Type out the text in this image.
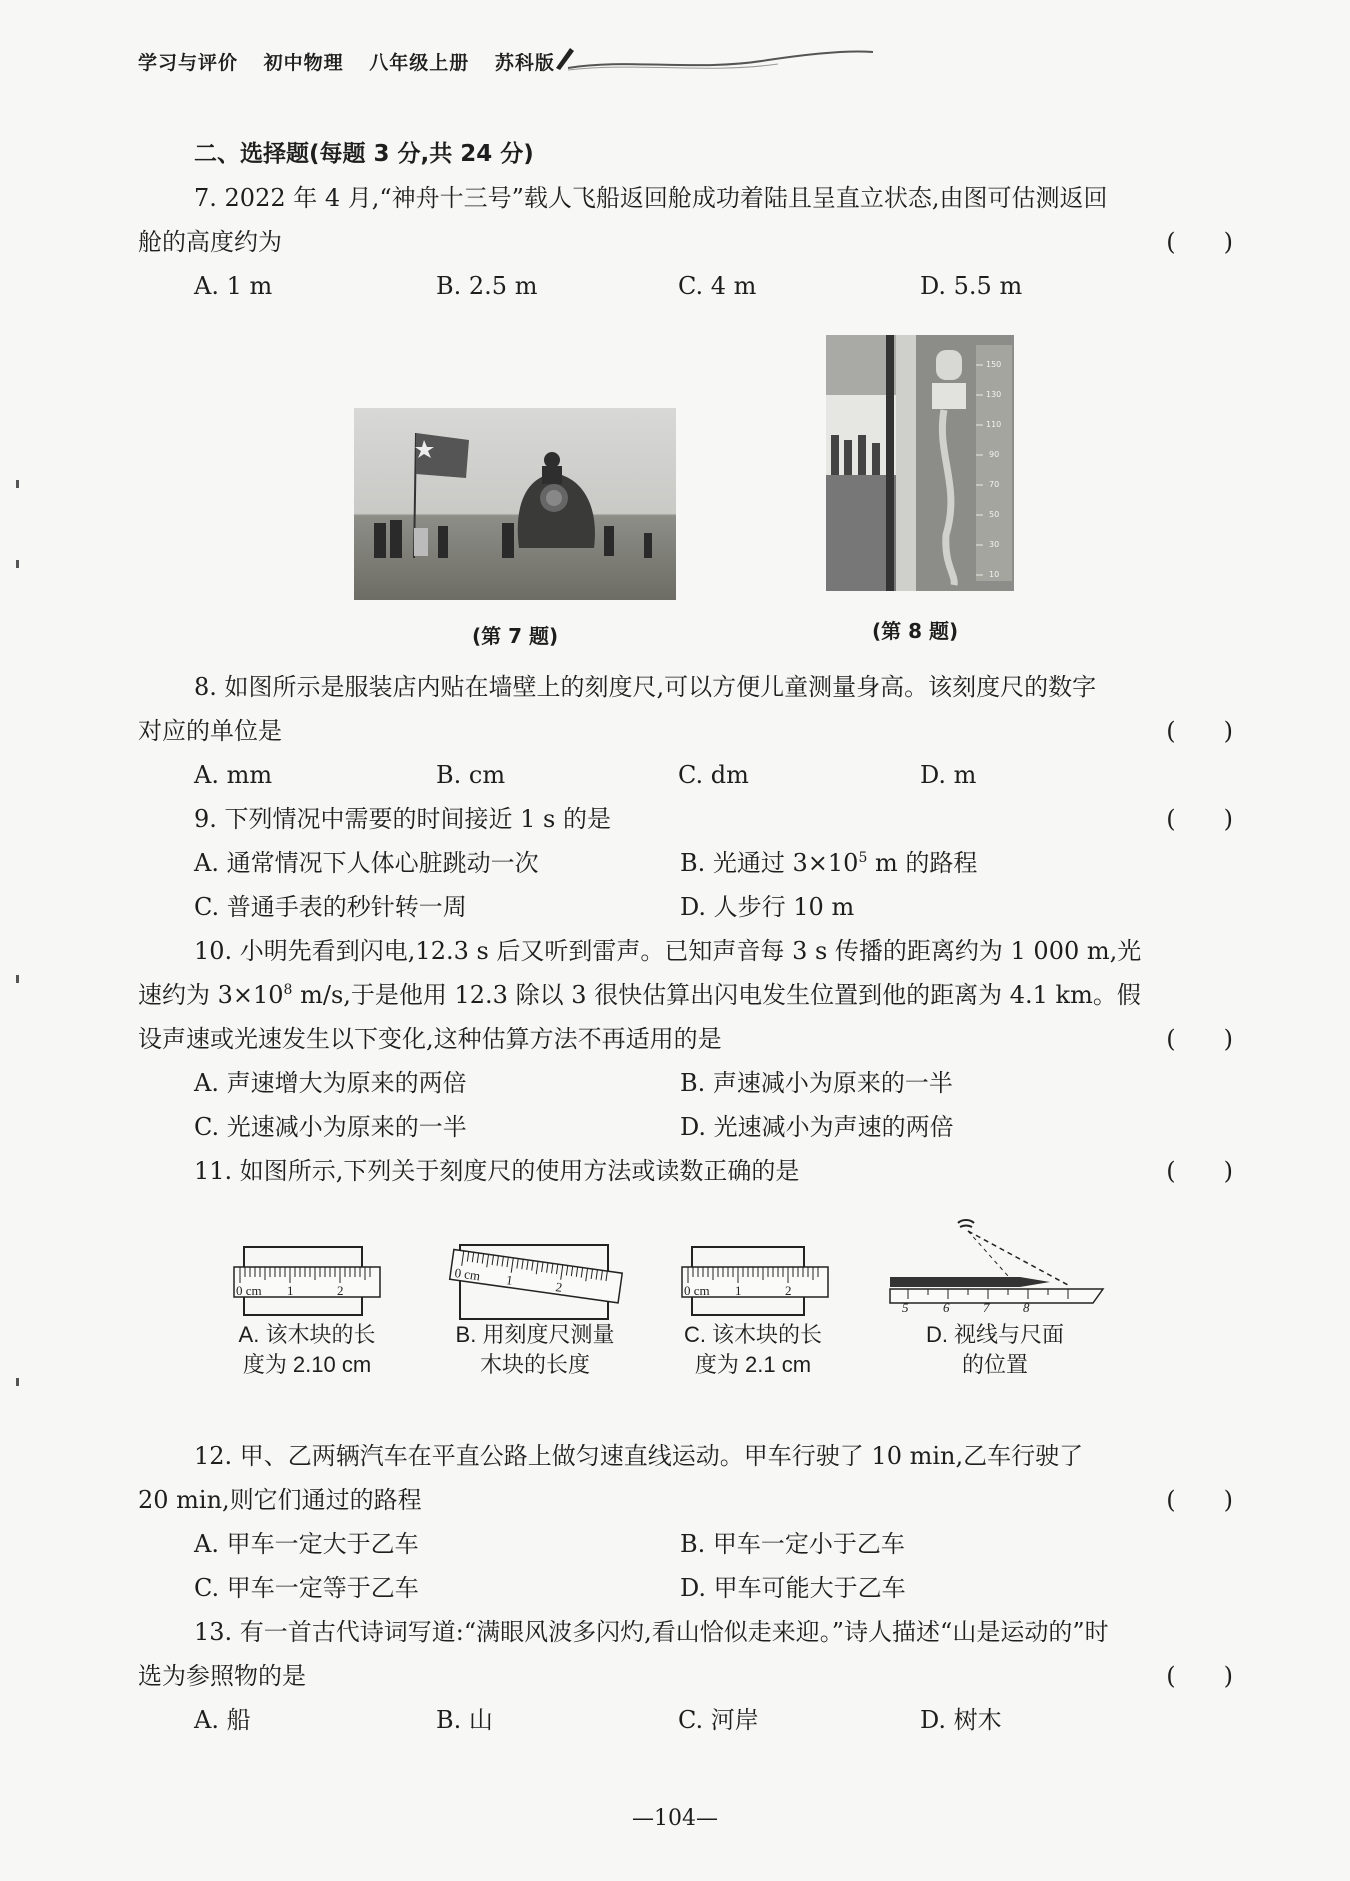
学习与评价 初中物理 八年级上册 苏科版
二、选择题(每题 3 分,共 24 分)
7. 2022 年 4 月,“神舟十三号”载人飞船返回舱成功着陆且呈直立状态,由图可估测返回
舱的高度约为	(　　)
A. 1 m	B. 2.5 m	C. 4 m	D. 5.5 m
(第 7 题)
150
130
110
90
70
50
30
10
(第 8 题)
8. 如图所示是服装店内贴在墙壁上的刻度尺,可以方便儿童测量身高。该刻度尺的数字
对应的单位是	(　　)
A. mm	B. cm	C. dm	D. m
9. 下列情况中需要的时间接近 1 s 的是	(　　)
A. 通常情况下人体心脏跳动一次	B. 光通过 $3\times 10^5$ m 的路程
C. 普通手表的秒针转一周	D. 人步行 10 m
10. 小明先看到闪电,12.3 s 后又听到雷声。已知声音每 3 s 传播的距离约为 1 000 m,光
速约为 $3\times 10^8$ m/s,于是他用 12.3 除以 3 很快估算出闪电发生位置到他的距离为 4.1 km。假
设声速或光速发生以下变化,这种估算方法不再适用的是	(　　)
A. 声速增大为原来的两倍	B. 声速减小为原来的一半
C. 光速减小为原来的一半	D. 光速减小为声速的两倍
11. 如图所示,下列关于刻度尺的使用方法或读数正确的是	(　　)
0 cm 1	2
A. 该木块的长
度为 2.10 cm
0 cm 1	2
B. 用刻度尺测量
木块的长度
0 cm 1	2
C. 该木块的长
度为 2.1 cm
5	6	7	8
D. 视线与尺面
的位置
12. 甲、乙两辆汽车在平直公路上做匀速直线运动。甲车行驶了 10 min,乙车行驶了
20 min,则它们通过的路程	(　　)
A. 甲车一定大于乙车	B. 甲车一定小于乙车
C. 甲车一定等于乙车	D. 甲车可能大于乙车
13. 有一首古代诗词写道:“满眼风波多闪灼,看山恰似走来迎。”诗人描述“山是运动的”时
选为参照物的是	(　　)
A. 船	B. 山	C. 河岸	D. 树木
—104—
